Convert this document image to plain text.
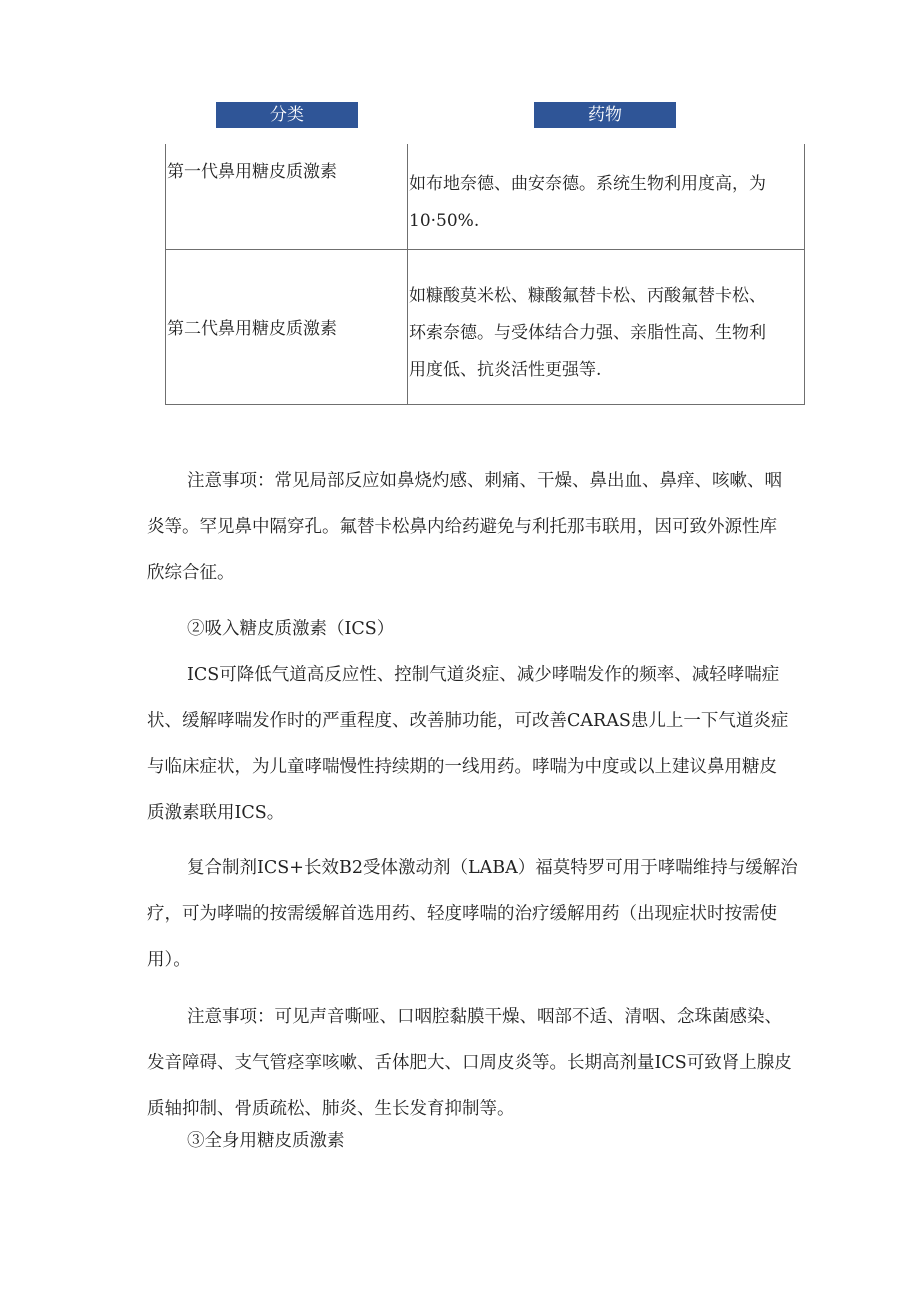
分类	药物
第一代鼻用糖皮质激素
如布地奈德、曲安奈德。系统生物利用度高，为
10·50%.
第二代鼻用糖皮质激素
如糠酸莫米松、糠酸氟替卡松、丙酸氟替卡松、
环索奈德。与受体结合力强、亲脂性高、生物利
用度低、抗炎活性更强等.
注意事项：常见局部反应如鼻烧灼感、刺痛、干燥、鼻出血、鼻痒、咳嗽、咽
炎等。罕见鼻中隔穿孔。氟替卡松鼻内给药避免与利托那韦联用，因可致外源性库
欣综合征。
②吸入糖皮质激素（ICS）
ICS可降低气道高反应性、控制气道炎症、减少哮喘发作的频率、减轻哮喘症
状、缓解哮喘发作时的严重程度、改善肺功能，可改善CARAS患儿上一下气道炎症
与临床症状，为儿童哮喘慢性持续期的一线用药。哮喘为中度或以上建议鼻用糖皮
质激素联用ICS。
复合制剂ICS+长效B2受体激动剂（LABA）福莫特罗可用于哮喘维持与缓解治
疗，可为哮喘的按需缓解首选用药、轻度哮喘的治疗缓解用药（出现症状时按需使
用）。
注意事项：可见声音嘶哑、口咽腔黏膜干燥、咽部不适、清咽、念珠菌感染、
发音障碍、支气管痉挛咳嗽、舌体肥大、口周皮炎等。长期高剂量ICS可致肾上腺皮
质轴抑制、骨质疏松、肺炎、生长发育抑制等。
③全身用糖皮质激素
